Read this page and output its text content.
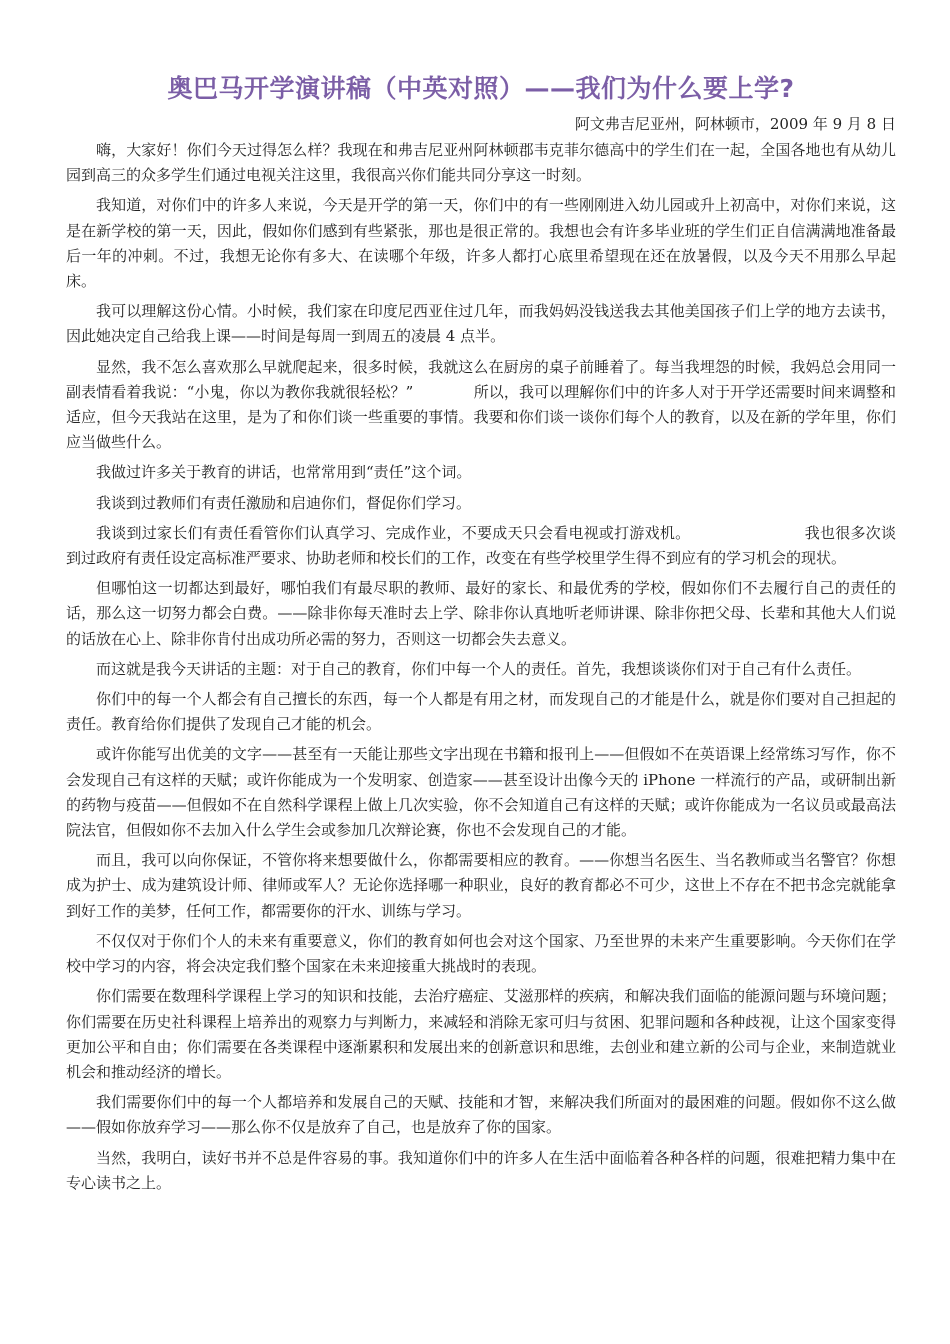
奥巴马开学演讲稿（中英对照）——我们为什么要上学?
阿文弗吉尼亚州，阿林顿市，2009 年 9 月 8 日

嗨，大家好！你们今天过得怎么样？我现在和弗吉尼亚州阿林顿郡韦克菲尔德高中的学生们在一起，全国各地也有从幼儿园到高三的众多学生们通过电视关注这里，我很高兴你们能共同分享这一时刻。

我知道，对你们中的许多人来说，今天是开学的第一天，你们中的有一些刚刚进入幼儿园或升上初高中，对你们来说，这是在新学校的第一天，因此，假如你们感到有些紧张，那也是很正常的。我想也会有许多毕业班的学生们正自信满满地准备最后一年的冲刺。不过，我想无论你有多大、在读哪个年级，许多人都打心底里希望现在还在放暑假，以及今天不用那么早起床。

我可以理解这份心情。小时候，我们家在印度尼西亚住过几年，而我妈妈没钱送我去其他美国孩子们上学的地方去读书，因此她决定自己给我上课——时间是每周一到周五的凌晨 4 点半。

显然，我不怎么喜欢那么早就爬起来，很多时候，我就这么在厨房的桌子前睡着了。每当我埋怨的时候，我妈总会用同一副表情看着我说：“小鬼，你以为教你我就很轻松？”　　　　所以，我可以理解你们中的许多人对于开学还需要时间来调整和适应，但今天我站在这里，是为了和你们谈一些重要的事情。我要和你们谈一谈你们每个人的教育，以及在新的学年里，你们应当做些什么。

我做过许多关于教育的讲话，也常常用到“责任”这个词。

我谈到过教师们有责任激励和启迪你们，督促你们学习。

我谈到过家长们有责任看管你们认真学习、完成作业，不要成天只会看电视或打游戏机。　　　　　　　　我也很多次谈到过政府有责任设定高标准严要求、协助老师和校长们的工作，改变在有些学校里学生得不到应有的学习机会的现状。

但哪怕这一切都达到最好，哪怕我们有最尽职的教师、最好的家长、和最优秀的学校，假如你们不去履行自己的责任的话，那么这一切努力都会白费。——除非你每天准时去上学、除非你认真地听老师讲课、除非你把父母、长辈和其他大人们说的话放在心上、除非你肯付出成功所必需的努力，否则这一切都会失去意义。

而这就是我今天讲话的主题：对于自己的教育，你们中每一个人的责任。首先，我想谈谈你们对于自己有什么责任。

你们中的每一个人都会有自己擅长的东西，每一个人都是有用之材，而发现自己的才能是什么，就是你们要对自己担起的责任。教育给你们提供了发现自己才能的机会。

或许你能写出优美的文字——甚至有一天能让那些文字出现在书籍和报刊上——但假如不在英语课上经常练习写作，你不会发现自己有这样的天赋；或许你能成为一个发明家、创造家——甚至设计出像今天的 iPhone 一样流行的产品，或研制出新的药物与疫苗——但假如不在自然科学课程上做上几次实验，你不会知道自己有这样的天赋；或许你能成为一名议员或最高法院法官，但假如你不去加入什么学生会或参加几次辩论赛，你也不会发现自己的才能。

而且，我可以向你保证，不管你将来想要做什么，你都需要相应的教育。——你想当名医生、当名教师或当名警官？你想成为护士、成为建筑设计师、律师或军人？无论你选择哪一种职业，良好的教育都必不可少，这世上不存在不把书念完就能拿到好工作的美梦，任何工作，都需要你的汗水、训练与学习。

不仅仅对于你们个人的未来有重要意义，你们的教育如何也会对这个国家、乃至世界的未来产生重要影响。今天你们在学校中学习的内容，将会决定我们整个国家在未来迎接重大挑战时的表现。

你们需要在数理科学课程上学习的知识和技能，去治疗癌症、艾滋那样的疾病，和解决我们面临的能源问题与环境问题；你们需要在历史社科课程上培养出的观察力与判断力，来减轻和消除无家可归与贫困、犯罪问题和各种歧视，让这个国家变得更加公平和自由；你们需要在各类课程中逐渐累积和发展出来的创新意识和思维，去创业和建立新的公司与企业，来制造就业机会和推动经济的增长。

我们需要你们中的每一个人都培养和发展自己的天赋、技能和才智，来解决我们所面对的最困难的问题。假如你不这么做——假如你放弃学习——那么你不仅是放弃了自己，也是放弃了你的国家。

当然，我明白，读好书并不总是件容易的事。我知道你们中的许多人在生活中面临着各种各样的问题，很难把精力集中在专心读书之上。
